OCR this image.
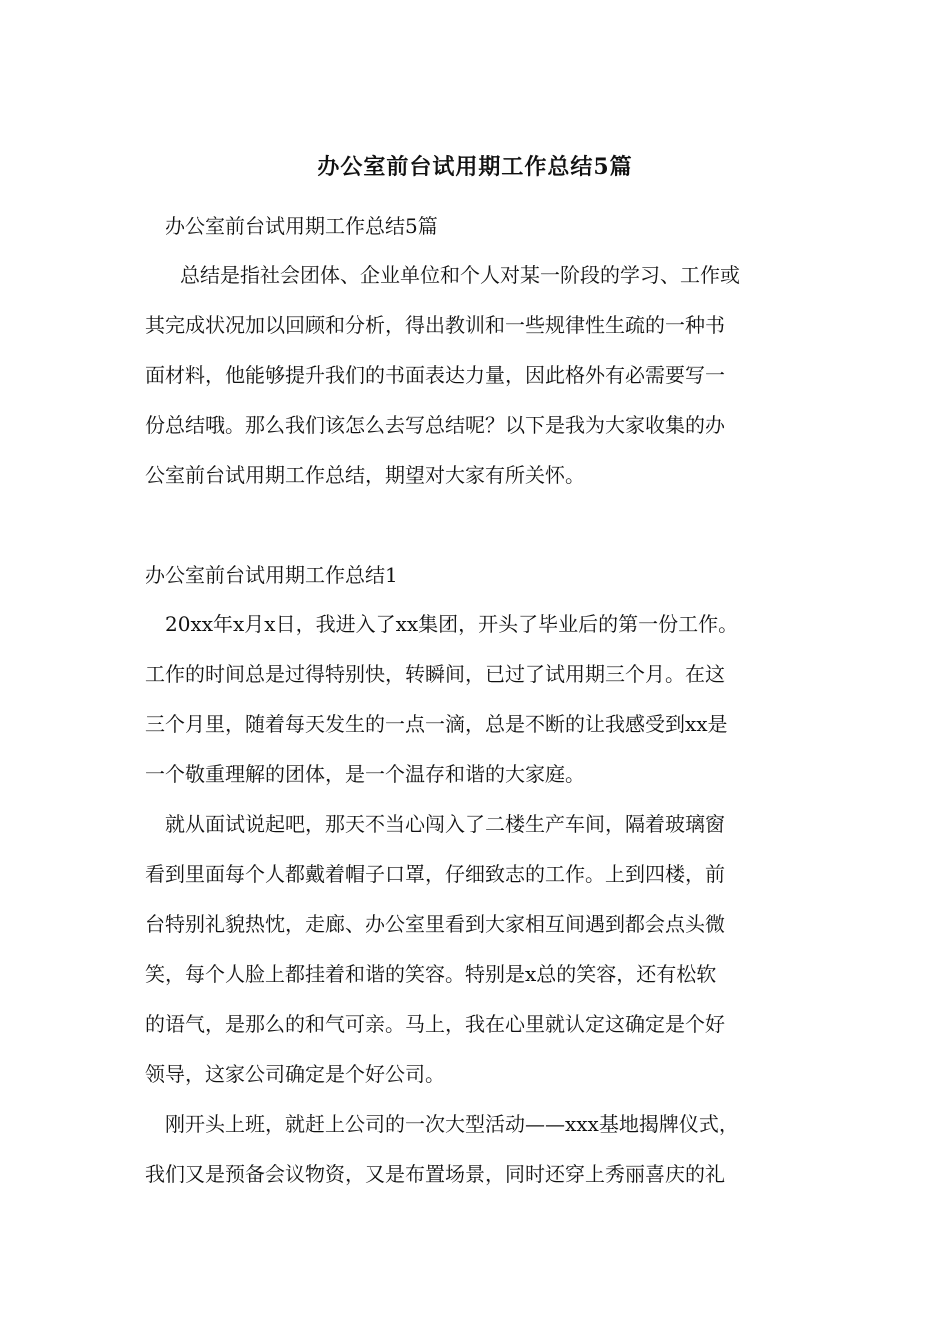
办公室前台试用期工作总结5篇

办公室前台试用期工作总结5篇

总结是指社会团体、企业单位和个人对某一阶段的学习、工作或

其完成状况加以回顾和分析，得出教训和一些规律性生疏的一种书

面材料，他能够提升我们的书面表达力量，因此格外有必需要写一

份总结哦。那么我们该怎么去写总结呢？以下是我为大家收集的办

公室前台试用期工作总结，期望对大家有所关怀。

办公室前台试用期工作总结1

20xx年x月x日，我进入了xx集团，开头了毕业后的第一份工作。

工作的时间总是过得特别快，转瞬间，已过了试用期三个月。在这

三个月里，随着每天发生的一点一滴，总是不断的让我感受到xx是

一个敬重理解的团体，是一个温存和谐的大家庭。

就从面试说起吧，那天不当心闯入了二楼生产车间，隔着玻璃窗

看到里面每个人都戴着帽子口罩，仔细致志的工作。上到四楼，前

台特别礼貌热忱，走廊、办公室里看到大家相互间遇到都会点头微

笑，每个人脸上都挂着和谐的笑容。特别是x总的笑容，还有松软

的语气，是那么的和气可亲。马上，我在心里就认定这确定是个好

领导，这家公司确定是个好公司。

刚开头上班，就赶上公司的一次大型活动——xxx基地揭牌仪式，

我们又是预备会议物资，又是布置场景，同时还穿上秀丽喜庆的礼
